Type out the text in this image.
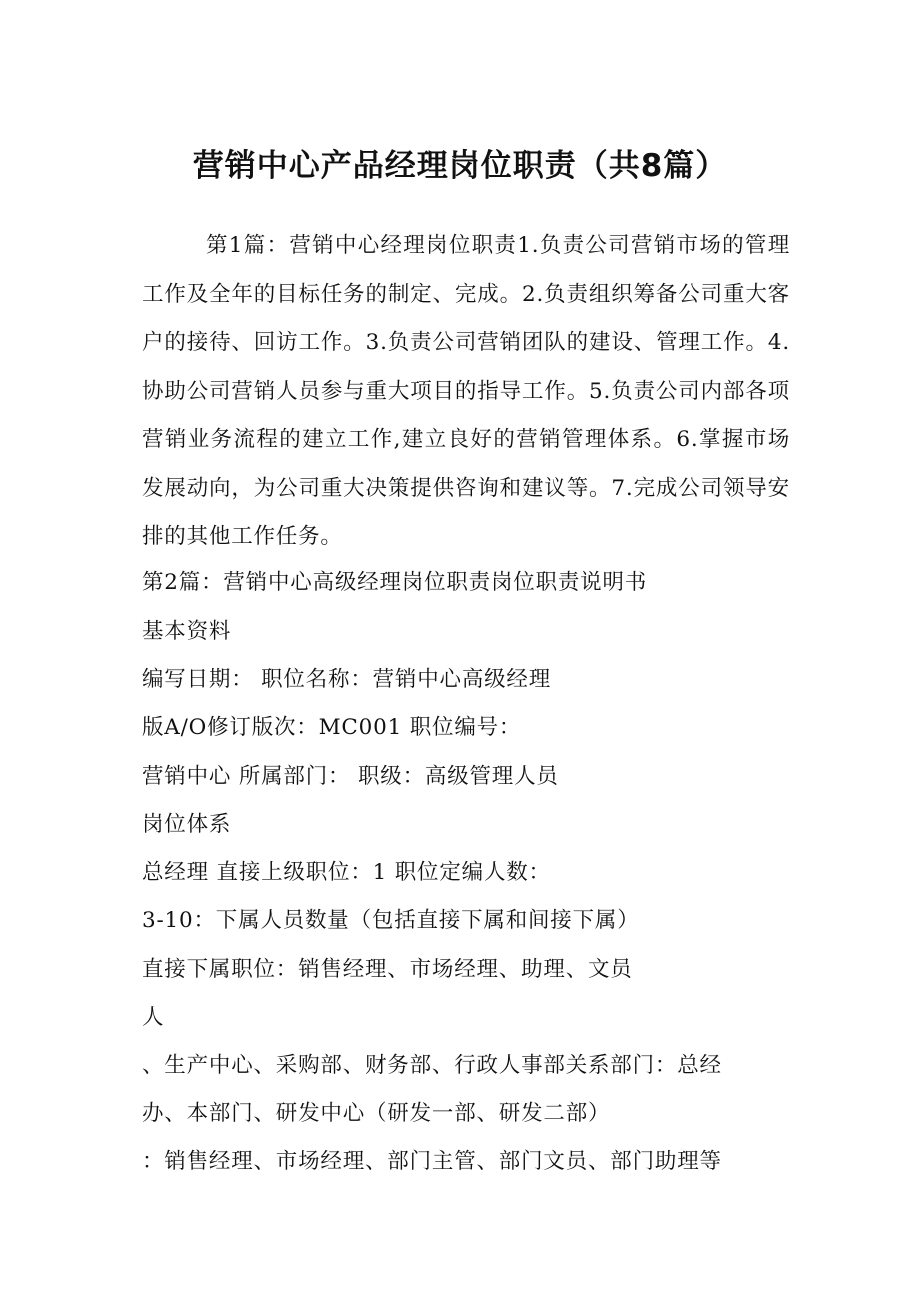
营销中心产品经理岗位职责（共8篇）

第1篇：营销中心经理岗位职责1.负责公司营销市场的管理工作及全年的目标任务的制定、完成。2.负责组织筹备公司重大客户的接待、回访工作。3.负责公司营销团队的建设、管理工作。4.协助公司营销人员参与重大项目的指导工作。5.负责公司内部各项营销业务流程的建立工作,建立良好的营销管理体系。6.掌握市场发展动向，为公司重大决策提供咨询和建议等。7.完成公司领导安排的其他工作任务。

第2篇：营销中心高级经理岗位职责岗位职责说明书

基本资料

编写日期： 职位名称：营销中心高级经理

版A/O修订版次：MC001 职位编号：

营销中心 所属部门： 职级：高级管理人员

岗位体系

总经理 直接上级职位：1 职位定编人数：

3-10：下属人员数量（包括直接下属和间接下属）

直接下属职位：销售经理、市场经理、助理、文员

人

、生产中心、采购部、财务部、行政人事部关系部门：总经

办、本部门、研发中心（研发一部、研发二部）

：销售经理、市场经理、部门主管、部门文员、部门助理等
